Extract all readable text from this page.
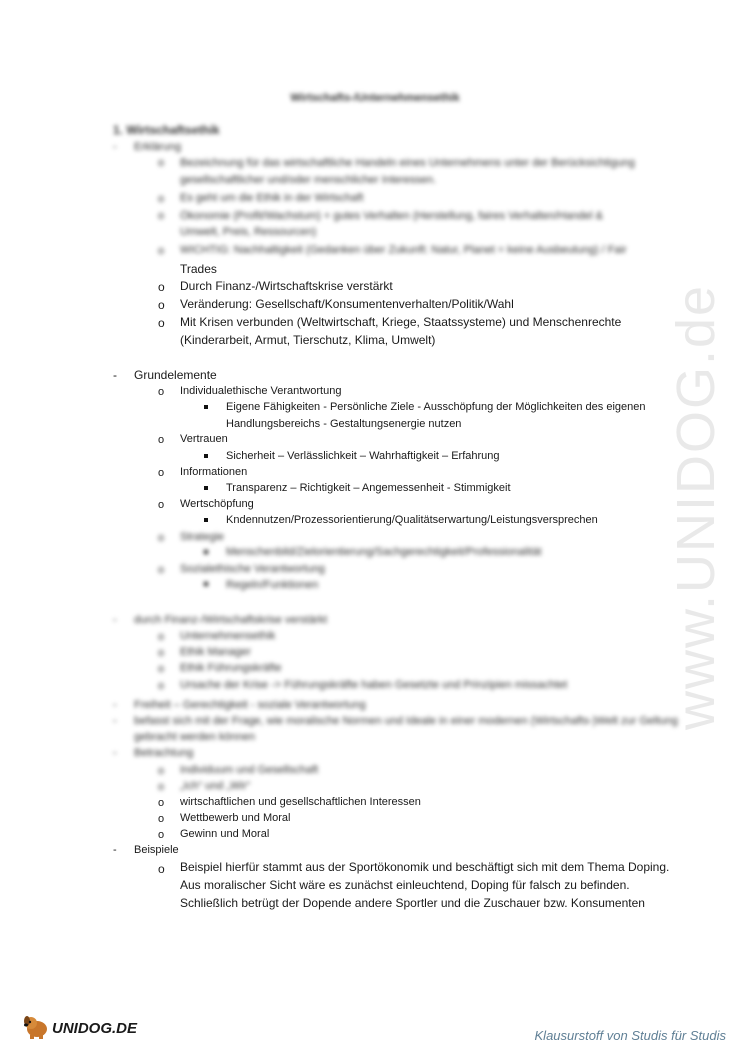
www.UNIDOG.de
Wirtschafts-/Unternehmensethik
1. Wirtschaftsethik
- Erklärung
o Bezeichnung für das wirtschaftliche Handeln eines Unternehmens unter der Berücksichtigung
gesellschaftlicher und/oder menschlicher Interessen.
o Es geht um die Ethik in der Wirtschaft
o Ökonomie (Profit/Wachstum) + gutes Verhalten (Herstellung, faires Verhalten/Handel &
Umwelt, Preis, Ressourcen)
o WICHTIG: Nachhaltigkeit (Gedanken über Zukunft: Natur, Planet = keine Ausbeutung) / Fair
Trades
o Durch Finanz-/Wirtschaftskrise verstärkt
o Veränderung: Gesellschaft/Konsumentenverhalten/Politik/Wahl
o Mit Krisen verbunden (Weltwirtschaft, Kriege, Staatssysteme) und Menschenrechte
(Kinderarbeit, Armut, Tierschutz, Klima, Umwelt)
- Grundelemente
o Individualethische Verantwortung
Eigene Fähigkeiten - Persönliche Ziele - Ausschöpfung der Möglichkeiten des eigenen
Handlungsbereichs - Gestaltungsenergie nutzen
o Vertrauen
Sicherheit – Verlässlichkeit – Wahrhaftigkeit – Erfahrung
o Informationen
Transparenz – Richtigkeit – Angemessenheit - Stimmigkeit
o Wertschöpfung
Kndennutzen/Prozessorientierung/Qualitätserwartung/Leistungsversprechen
o Strategie
Menschenbild/Zielorientierung/Sachgerechtigkeit/Professionalität
o Sozialethische Verantwortung
Regeln/Funktionen
- durch Finanz-/Wirtschaftskrise verstärkt
o Unternehmensethik
o Ethik Manager
o Ethik Führungskräfte
o Ursache der Krise -> Führungskräfte haben Gesetzte und Prinzipien missachtet
- Freiheit – Gerechtigkeit - soziale Verantwortung
- befasst sich mit der Frage, wie moralische Normen und Ideale in einer modernen (Wirtschafts-)Welt zur Geltung
gebracht werden können
- Betrachtung
o Individuum und Gesellschaft
o „Ich“ und „Wir“
o wirtschaftlichen und gesellschaftlichen Interessen
o Wettbewerb und Moral
o Gewinn und Moral
- Beispiele
o Beispiel hierfür stammt aus der Sportökonomik und beschäftigt sich mit dem Thema Doping.
Aus moralischer Sicht wäre es zunächst einleuchtend, Doping für falsch zu befinden.
Schließlich betrügt der Dopende andere Sportler und die Zuschauer bzw. Konsumenten
UNIDOG.DE	Klausurstoff von Studis für Studis
